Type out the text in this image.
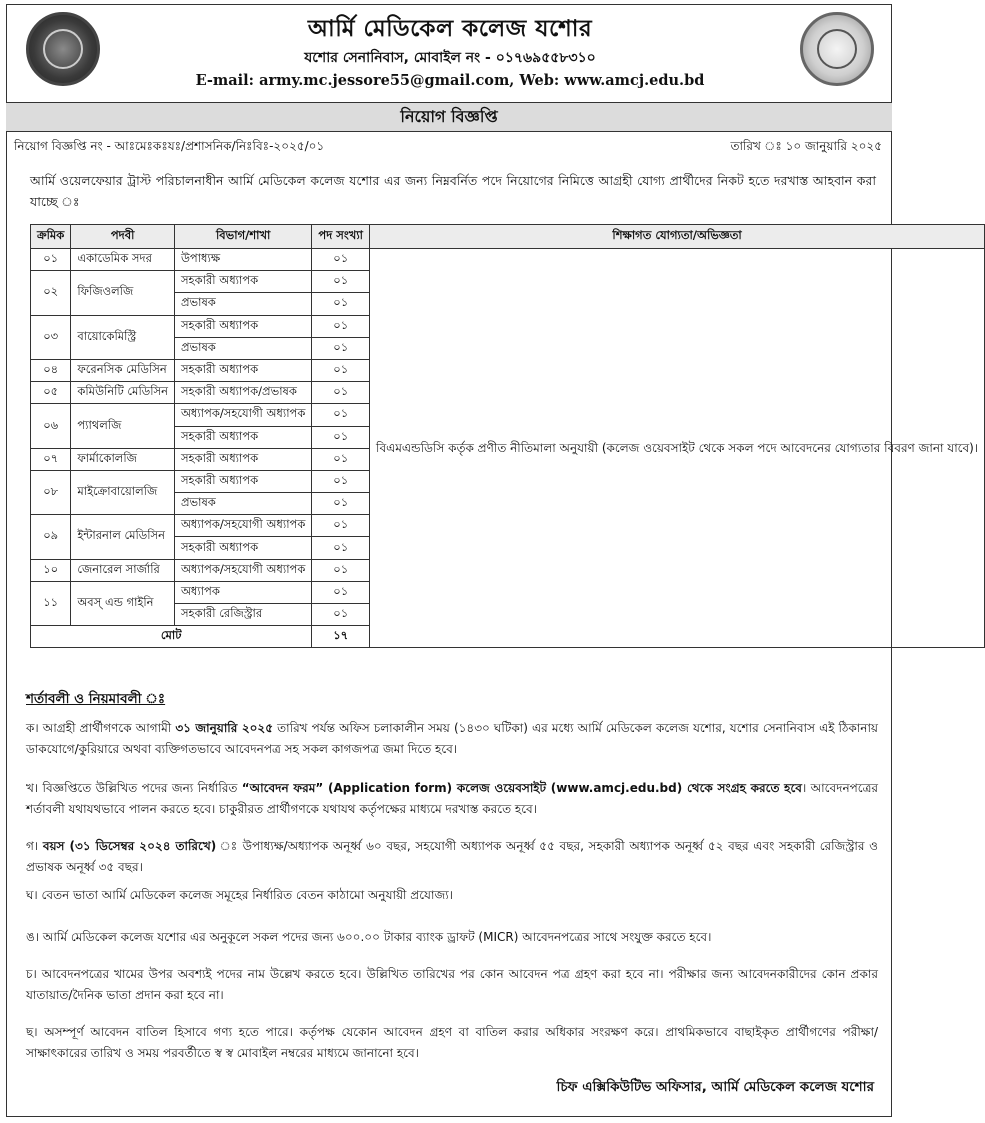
আর্মি মেডিকেল কলেজ যশোর
যশোর সেনানিবাস, মোবাইল নং - ০১৭৬৯৫৫৮৩১০
E-mail: army.mc.jessore55@gmail.com, Web: www.amcj.edu.bd
নিয়োগ বিজ্ঞপ্তি
নিয়োগ বিজ্ঞপ্তি নং - আঃমেঃকঃযঃ/প্রশাসনিক/নিঃবিঃ-২০২৫/০১	তারিখ ঃ ১০ জানুয়ারি ২০২৫
আর্মি ওয়েলফেয়ার ট্রাস্ট পরিচালনাধীন আর্মি মেডিকেল কলেজ যশোর এর জন্য নিম্নবর্নিত পদে নিয়োগের নিমিত্তে আগ্রহী যোগ্য প্রার্থীদের নিকট হতে দরখাস্ত আহবান করা যাচ্ছে ঃ
ক্রমিক	পদবী	বিভাগ/শাখা	পদ সংখ্যা	শিক্ষাগত যোগ্যতা/অভিজ্ঞতা
০১	একাডেমিক সদর	উপাধ্যক্ষ	০১	বিএমএন্ডডিসি কর্তৃক প্রণীত নীতিমালা অনুযায়ী (কলেজ ওয়েবসাইট থেকে সকল পদে আবেদনের যোগ্যতার বিবরণ জানা যাবে)।
০২	ফিজিওলজি	সহকারী অধ্যাপক	০১	
		প্রভাষক	০১	
০৩	বায়োকেমিস্ট্রি	সহকারী অধ্যাপক	০১	
		প্রভাষক	০১	
০৪	ফরেনসিক মেডিসিন	সহকারী অধ্যাপক	০১	
০৫	কমিউনিটি মেডিসিন	সহকারী অধ্যাপক/প্রভাষক	০১	
০৬	প্যাথলজি	অধ্যাপক/সহযোগী অধ্যাপক	০১	
		সহকারী অধ্যাপক	০১	
০৭	ফার্মাকোলজি	সহকারী অধ্যাপক	০১	
০৮	মাইক্রোবায়োলজি	সহকারী অধ্যাপক	০১	
		প্রভাষক	০১	
০৯	ইন্টারনাল মেডিসিন	অধ্যাপক/সহযোগী অধ্যাপক	০১	
		সহকারী অধ্যাপক	০১	
১০	জেনারেল সার্জারি	অধ্যাপক/সহযোগী অধ্যাপক	০১	
১১	অবস্ এন্ড গাইনি	অধ্যাপক	০১	
		সহকারী রেজিস্ট্রার	০১	
মোট			১৭	
শর্তাবলী ও নিয়মাবলী ঃ
ক। আগ্রহী প্রার্থীগণকে আগামী ৩১ জানুয়ারি ২০২৫ তারিখ পর্যন্ত অফিস চলাকালীন সময় (১৪৩০ ঘটিকা) এর মধ্যে আর্মি মেডিকেল কলেজ যশোর, যশোর সেনানিবাস এই ঠিকানায় ডাকযোগে/কুরিয়ারে অথবা ব্যক্তিগতভাবে আবেদনপত্র সহ সকল কাগজপত্র জমা দিতে হবে।
খ। বিজ্ঞপ্তিতে উল্লিখিত পদের জন্য নির্ধারিত “আবেদন ফরম” (Application form) কলেজ ওয়েবসাইট (www.amcj.edu.bd) থেকে সংগ্রহ করতে হবে। আবেদনপত্রের শর্তাবলী যথাযথভাবে পালন করতে হবে। চাকুরীরত প্রার্থীগণকে যথাযথ কর্তৃপক্ষের মাধ্যমে দরখাস্ত করতে হবে।
গ। বয়স (৩১ ডিসেম্বর ২০২৪ তারিখে) ঃ উপাধ্যক্ষ/অধ্যাপক অনূর্ধ্ব ৬০ বছর, সহযোগী অধ্যাপক অনূর্ধ্ব ৫৫ বছর, সহকারী অধ্যাপক অনূর্ধ্ব ৫২ বছর এবং সহকারী রেজিস্ট্রার ও প্রভাষক অনূর্ধ্ব ৩৫ বছর।
ঘ। বেতন ভাতা আর্মি মেডিকেল কলেজ সমূহের নির্ধারিত বেতন কাঠামো অনুযায়ী প্রযোজ্য।
ঙ। আর্মি মেডিকেল কলেজ যশোর এর অনুকূলে সকল পদের জন্য ৬০০.০০ টাকার ব্যাংক ড্রাফট (MICR) আবেদনপত্রের সাথে সংযুক্ত করতে হবে।
চ। আবেদনপত্রের খামের উপর অবশ্যই পদের নাম উল্লেখ করতে হবে। উল্লিখিত তারিখের পর কোন আবেদন পত্র গ্রহণ করা হবে না। পরীক্ষার জন্য আবেদনকারীদের কোন প্রকার যাতায়াত/দৈনিক ভাতা প্রদান করা হবে না।
ছ। অসম্পূর্ণ আবেদন বাতিল হিসাবে গণ্য হতে পারে। কর্তৃপক্ষ যেকোন আবেদন গ্রহণ বা বাতিল করার অধিকার সংরক্ষণ করে। প্রাথমিকভাবে বাছাইকৃত প্রার্থীগণের পরীক্ষা/সাক্ষাৎকারের তারিখ ও সময় পরবর্তীতে স্ব স্ব মোবাইল নম্বরের মাধ্যমে জানানো হবে।
চিফ এক্সিকিউটিভ অফিসার, আর্মি মেডিকেল কলেজ যশোর
